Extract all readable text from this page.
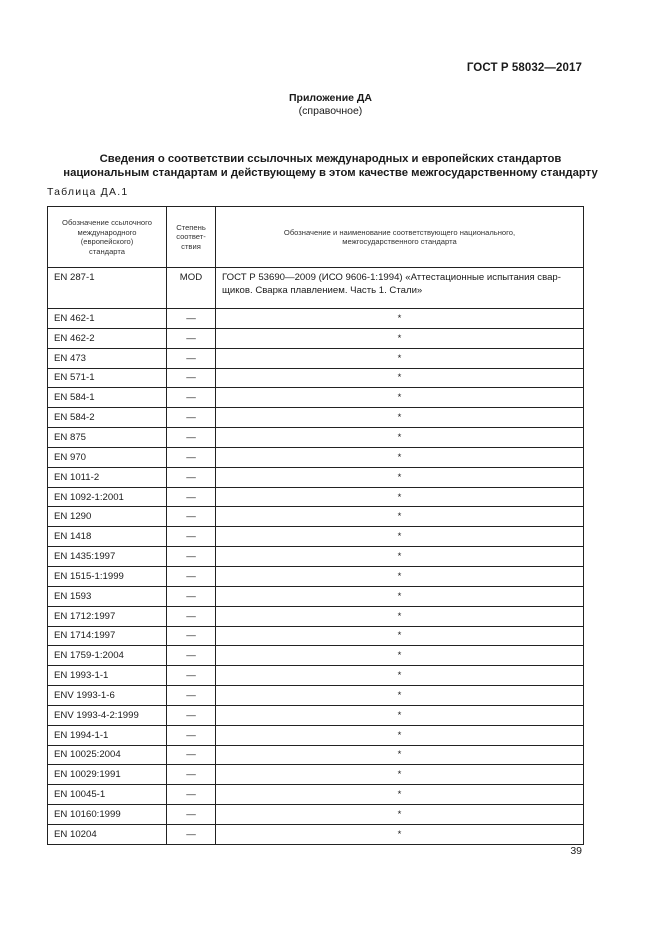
ГОСТ Р 58032—2017
Приложение ДА
(справочное)
Сведения о соответствии ссылочных международных и европейских стандартов
национальным стандартам и действующему в этом качестве межгосударственному стандарту
Таблица ДА.1
Обозначение ссылочного международного (европейского) стандарта	Степень соответ-ствия	Обозначение и наименование соответствующего национального, межгосударственного стандарта
EN 287-1	MOD	ГОСТ Р 53690—2009 (ИСО 9606-1:1994) «Аттестационные испытания свар-щиков. Сварка плавлением. Часть 1. Стали»
EN 462-1	—	*
EN 462-2	—	*
EN 473	—	*
EN 571-1	—	*
EN 584-1	—	*
EN 584-2	—	*
EN 875	—	*
EN 970	—	*
EN 1011-2	—	*
EN 1092-1:2001	—	*
EN 1290	—	*
EN 1418	—	*
EN 1435:1997	—	*
EN 1515-1:1999	—	*
EN 1593	—	*
EN 1712:1997	—	*
EN 1714:1997	—	*
EN 1759-1:2004	—	*
EN 1993-1-1	—	*
ENV 1993-1-6	—	*
ENV 1993-4-2:1999	—	*
EN 1994-1-1	—	*
EN 10025:2004	—	*
EN 10029:1991	—	*
EN 10045-1	—	*
EN 10160:1999	—	*
EN 10204	—	*
39
